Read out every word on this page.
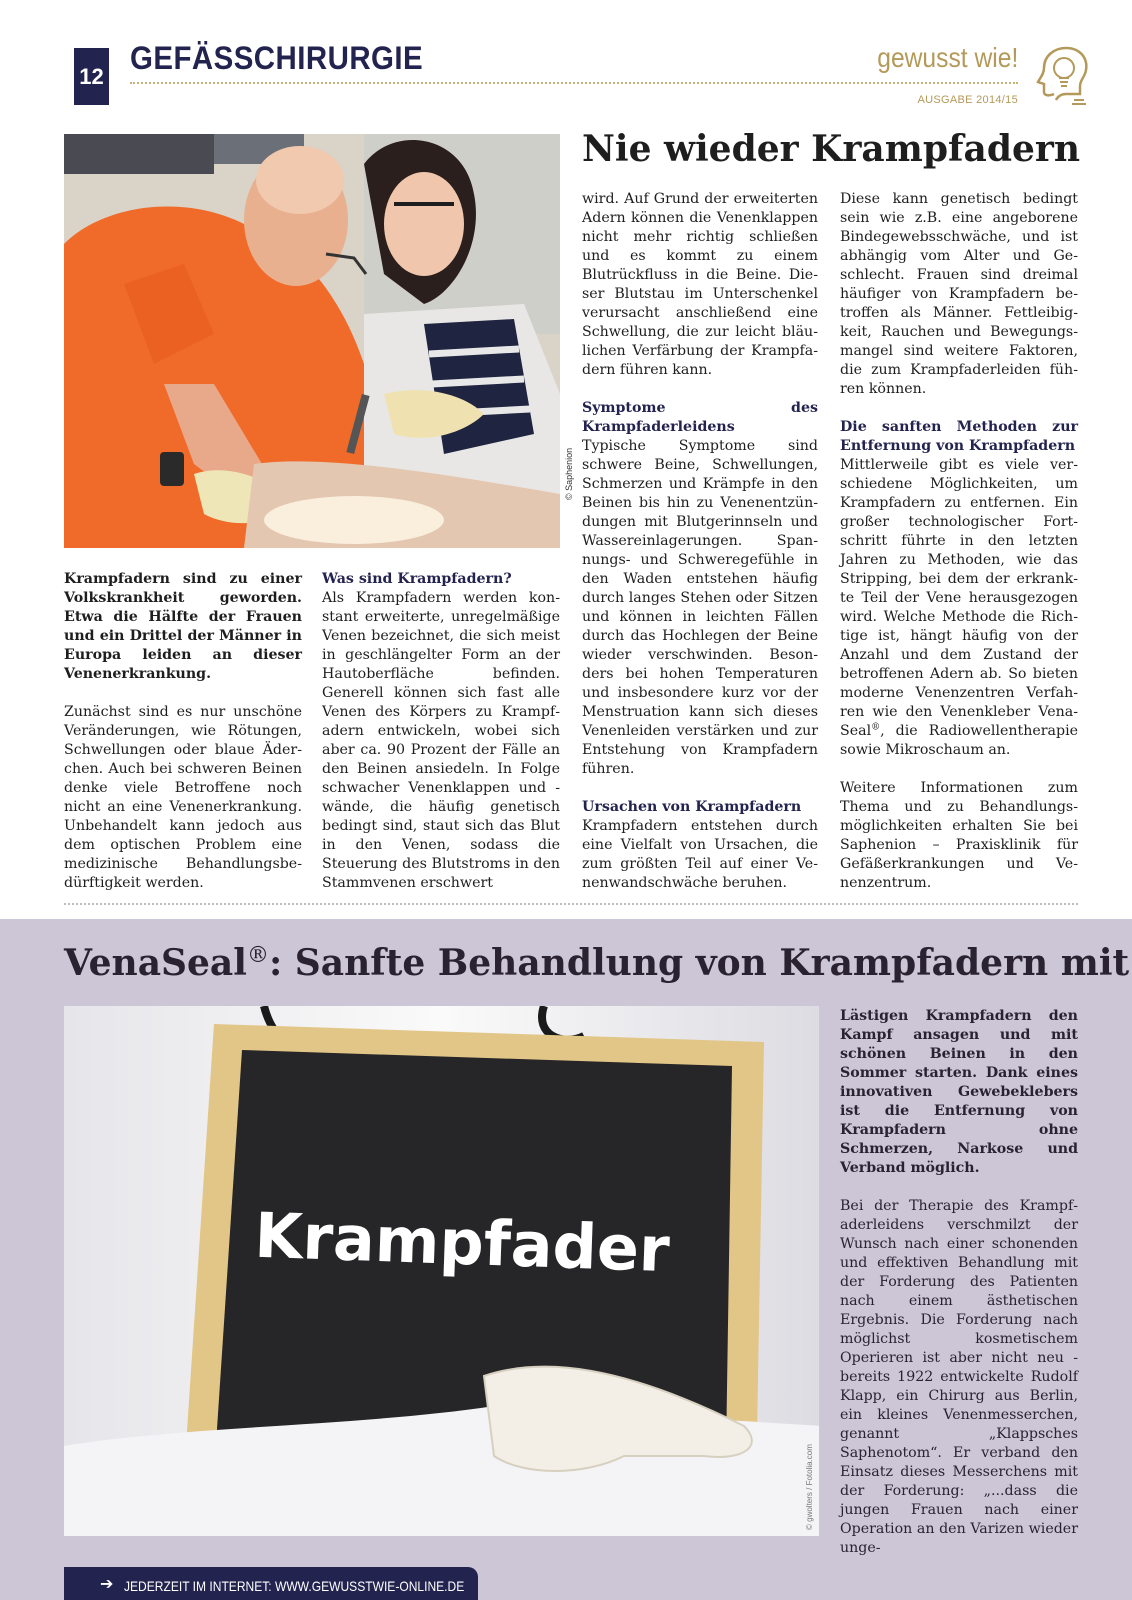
12
GEFÄSSCHIRURGIE	gewusst wie!
AUSGABE 2014/15
© Saphenion
Nie wieder Krampfadern

Krampfadern sind zu einer Volkskrankheit geworden. Etwa die Hälfte der Frauen und ein Drittel der Männer in Europa leiden an dieser Venenerkrankung.

Zunächst sind es nur unschöne Veränderungen, wie Rötungen, Schwellungen oder blaue Äderchen. Auch bei schweren Beinen denke viele Betroffene noch nicht an eine Venenerkrankung. Unbehandelt kann jedoch aus dem optischen Problem eine medizinische Behandlungsbedürftigkeit werden.

Was sind Krampfadern?

Als Krampfadern werden konstant erweiterte, unregelmäßige Venen bezeichnet, die sich meist in geschlängelter Form an der Hautoberfläche befinden. Generell können sich fast alle Venen des Körpers zu Krampfadern entwickeln, wobei sich aber ca. 90 Prozent der Fälle an den Beinen ansiedeln. In Folge schwacher Venenklappen und -wände, die häufig genetisch bedingt sind, staut sich das Blut in den Venen, sodass die Steuerung des Blutstroms in den Stammvenen erschwert

wird. Auf Grund der erweiterten Adern können die Venenklappen nicht mehr richtig schließen und es kommt zu einem Blutrückfluss in die Beine. Dieser Blutstau im Unterschenkel verursacht anschließend eine Schwellung, die zur leicht bläulichen Verfärbung der Krampfadern führen kann.

Symptome des Krampfaderleidens

Typische Symptome sind schwere Beine, Schwellungen, Schmerzen und Krämpfe in den Beinen bis hin zu Venenentzündungen mit Blutgerinnseln und Wassereinlagerungen. Spannungs- und Schweregefühle in den Waden entstehen häufig durch langes Stehen oder Sitzen und können in leichten Fällen durch das Hochlegen der Beine wieder verschwinden. Besonders bei hohen Temperaturen und insbesondere kurz vor der Menstruation kann sich dieses Venenleiden verstärken und zur Entstehung von Krampfadern führen.

Ursachen von Krampfadern

Krampfadern entstehen durch eine Vielfalt von Ursachen, die zum größten Teil auf einer Venenwandschwäche beruhen.

Diese kann genetisch bedingt sein wie z.B. eine angeborene Bindegewebsschwäche, und ist abhängig vom Alter und Geschlecht. Frauen sind dreimal häufiger von Krampfadern betroffen als Männer. Fettleibigkeit, Rauchen und Bewegungsmangel sind weitere Faktoren, die zum Krampfaderleiden führen können.

Die sanften Methoden zur Entfernung von Krampfadern

Mittlerweile gibt es viele verschiedene Möglichkeiten, um Krampfadern zu entfernen. Ein großer technologischer Fortschritt führte in den letzten Jahren zu Methoden, wie das Stripping, bei dem der erkrankte Teil der Vene herausgezogen wird. Welche Methode die Richtige ist, hängt häufig von der Anzahl und dem Zustand der betroffenen Adern ab. So bieten moderne Venenzentren Verfahren wie den Venenkleber VenaSeal®, die Radiowellentherapie sowie Mikroschaum an.

Weitere Informationen zum Thema und zu Behandlungsmöglichkeiten erhalten Sie bei Saphenion – Praxisklinik für Gefäßerkrankungen und Venenzentrum.

VenaSeal®: Sanfte Behandlung von Krampfadern mit
Krampfader
© gwolters / Fotolia.com

Lästigen Krampfadern den Kampf ansagen und mit schönen Beinen in den Sommer starten. Dank eines innovativen Gewebeklebers ist die Entfernung von Krampfadern ohne Schmerzen, Narkose und Verband möglich.

Bei der Therapie des Krampfaderleidens verschmilzt der Wunsch nach einer schonenden und effektiven Behandlung mit der Forderung des Patienten nach einem ästhetischen Ergebnis. Die Forderung nach möglichst kosmetischem Operieren ist aber nicht neu - bereits 1922 entwickelte Rudolf Klapp, ein Chirurg aus Berlin, ein kleines Venenmesserchen, genannt „Klappsches Saphenotom“. Er verband den Einsatz dieses Messerchens mit der Forderung: „...dass die jungen Frauen nach einer Operation an den Varizen wieder unge-

➔ JEDERZEIT IM INTERNET: WWW.GEWUSSTWIE-ONLINE.DE
